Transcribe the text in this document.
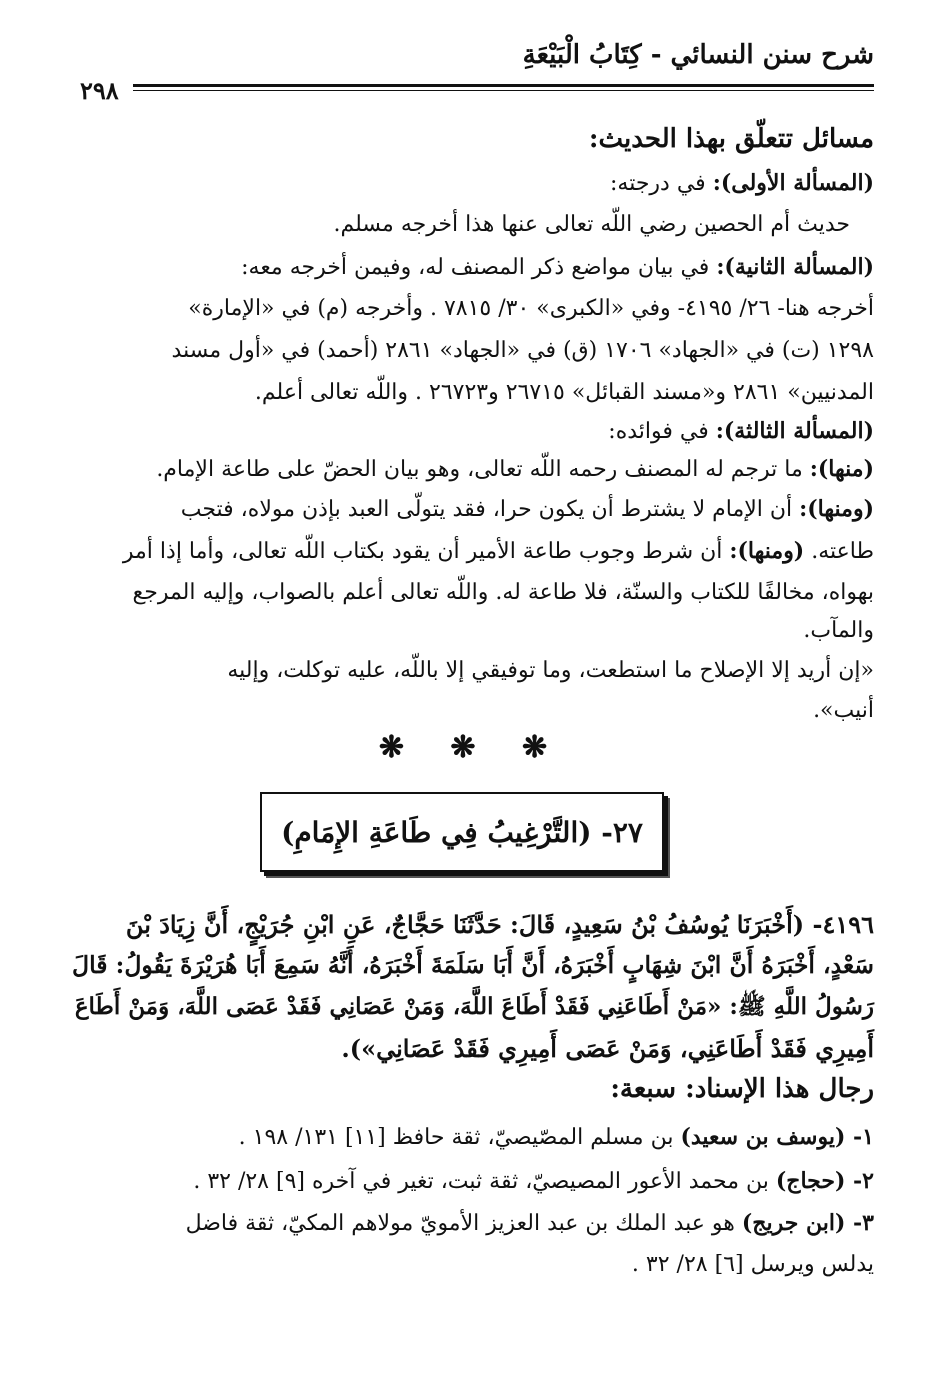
شرح سنن النسائي - كِتَابُ الْبَيْعَةِ
٢٩٨
مسائل تتعلّق بهذا الحديث:
(المسألة الأولى): في درجته:
حديث أم الحصين رضي اللّه تعالى عنها هذا أخرجه مسلم.
(المسألة الثانية): في بيان مواضع ذكر المصنف له، وفيمن أخرجه معه:
أخرجه هنا- ٢٦/ ٤١٩٥- وفي «الكبرى» ٣٠/ ٧٨١٥ . وأخرجه (م) في «الإمارة»
١٢٩٨ (ت) في «الجهاد» ١٧٠٦ (ق) في «الجهاد» ٢٨٦١ (أحمد) في «أول مسند
المدنيين» ٢٨٦١ و«مسند القبائل» ٢٦٧١٥ و٢٦٧٢٣ . واللّه تعالى أعلم.
(المسألة الثالثة): في فوائده:
(منها): ما ترجم له المصنف رحمه اللّه تعالى، وهو بيان الحضّ على طاعة الإمام.
(ومنها): أن الإمام لا يشترط أن يكون حرا، فقد يتولّى العبد بإذن مولاه، فتجب
طاعته. (ومنها): أن شرط وجوب طاعة الأمير أن يقود بكتاب اللّه تعالى، وأما إذا أمر
بهواه، مخالفًا للكتاب والسنّة، فلا طاعة له. واللّه تعالى أعلم بالصواب، وإليه المرجع
والمآب.
«إن أريد إلا الإصلاح ما استطعت، وما توفيقي إلا باللّه، عليه توكلت، وإليه
أنيب».
❋ ❋ ❋
٢٧- (التَّرْغِيبُ فِي طَاعَةِ الإِمَامِ)
٤١٩٦- (أَخْبَرَنَا يُوسُفُ بْنُ سَعِيدٍ، قَالَ: حَدَّثَنَا حَجَّاجٌ، عَنِ ابْنِ جُرَيْجٍ، أَنَّ زِيَادَ بْنَ
سَعْدٍ، أَخْبَرَهُ أَنَّ ابْنَ شِهَابٍ أَخْبَرَهُ، أَنَّ أَبَا سَلَمَةَ أَخْبَرَهُ، أَنَّهُ سَمِعَ أَبَا هُرَيْرَةَ يَقُولُ: قَالَ
رَسُولُ اللَّهِ ﷺ: «مَنْ أَطَاعَنِي فَقَدْ أَطَاعَ اللَّهَ، وَمَنْ عَصَانِي فَقَدْ عَصَى اللَّهَ، وَمَنْ أَطَاعَ
أَمِيرِي فَقَدْ أَطَاعَنِي، وَمَنْ عَصَى أَمِيرِي فَقَدْ عَصَانِي»).
رجال هذا الإسناد: سبعة:
١- (يوسف بن سعيد) بن مسلم المصّيصيّ، ثقة حافظ [١١] ١٣١/ ١٩٨ .
٢- (حجاج) بن محمد الأعور المصيصيّ، ثقة ثبت، تغير في آخره [٩] ٢٨/ ٣٢ .
٣- (ابن جريج) هو عبد الملك بن عبد العزيز الأمويّ مولاهم المكيّ، ثقة فاضل
يدلس ويرسل [٦] ٢٨/ ٣٢ .
